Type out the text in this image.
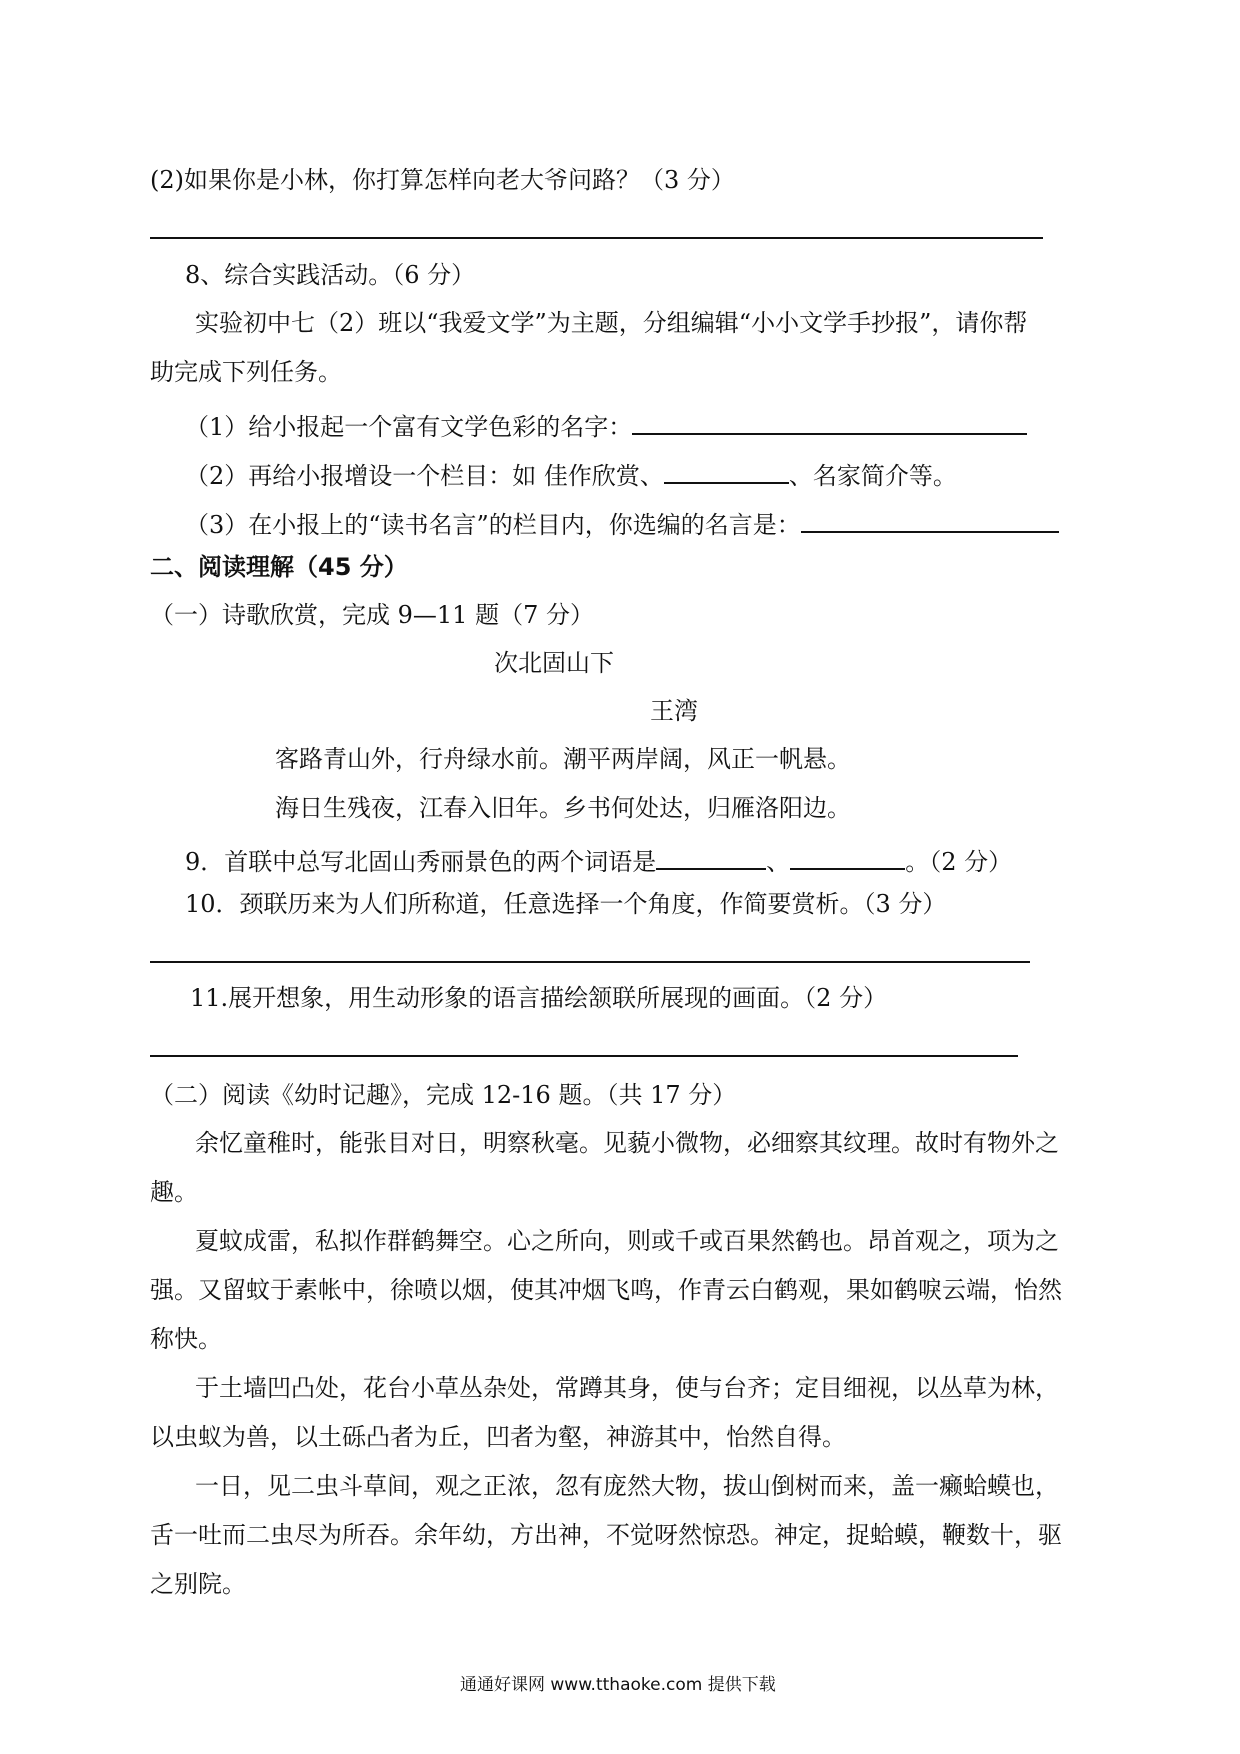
(2)如果你是小林，你打算怎样向老大爷问路？（3 分）
8、综合实践活动。（6 分）
实验初中七（2）班以“我爱文学”为主题，分组编辑“小小文学手抄报”，请你帮
助完成下列任务。
（1）给小报起一个富有文学色彩的名字：
（2）再给小报增设一个栏目：如 佳作欣赏、	、名家简介等。
（3）在小报上的“读书名言”的栏目内，你选编的名言是：
二、阅读理解（45 分）
（一）诗歌欣赏，完成 9—11 题（7 分）
次北固山下
王湾
客路青山外，行舟绿水前。潮平两岸阔，风正一帆悬。
海日生残夜，江春入旧年。乡书何处达，归雁洛阳边。
9．首联中总写北固山秀丽景色的两个词语是	、	。（2 分）
10．颈联历来为人们所称道，任意选择一个角度，作简要赏析。（3 分）
11.展开想象，用生动形象的语言描绘颔联所展现的画面。（2 分）
（二）阅读《幼时记趣》，完成 12-16 题。（共 17 分）
余忆童稚时，能张目对日，明察秋毫。见藐小微物，必细察其纹理。故时有物外之
趣。
夏蚊成雷，私拟作群鹤舞空。心之所向，则或千或百果然鹤也。昂首观之，项为之
强。又留蚊于素帐中，徐喷以烟，使其冲烟飞鸣，作青云白鹤观，果如鹤唳云端，怡然
称快。
于土墙凹凸处，花台小草丛杂处，常蹲其身，使与台齐；定目细视，以丛草为林，
以虫蚁为兽，以土砾凸者为丘，凹者为壑，神游其中，怡然自得。
一日，见二虫斗草间，观之正浓，忽有庞然大物，拔山倒树而来，盖一癞蛤蟆也，
舌一吐而二虫尽为所吞。余年幼，方出神，不觉呀然惊恐。神定，捉蛤蟆，鞭数十，驱
之别院。
通通好课网 www.tthaoke.com 提供下载
